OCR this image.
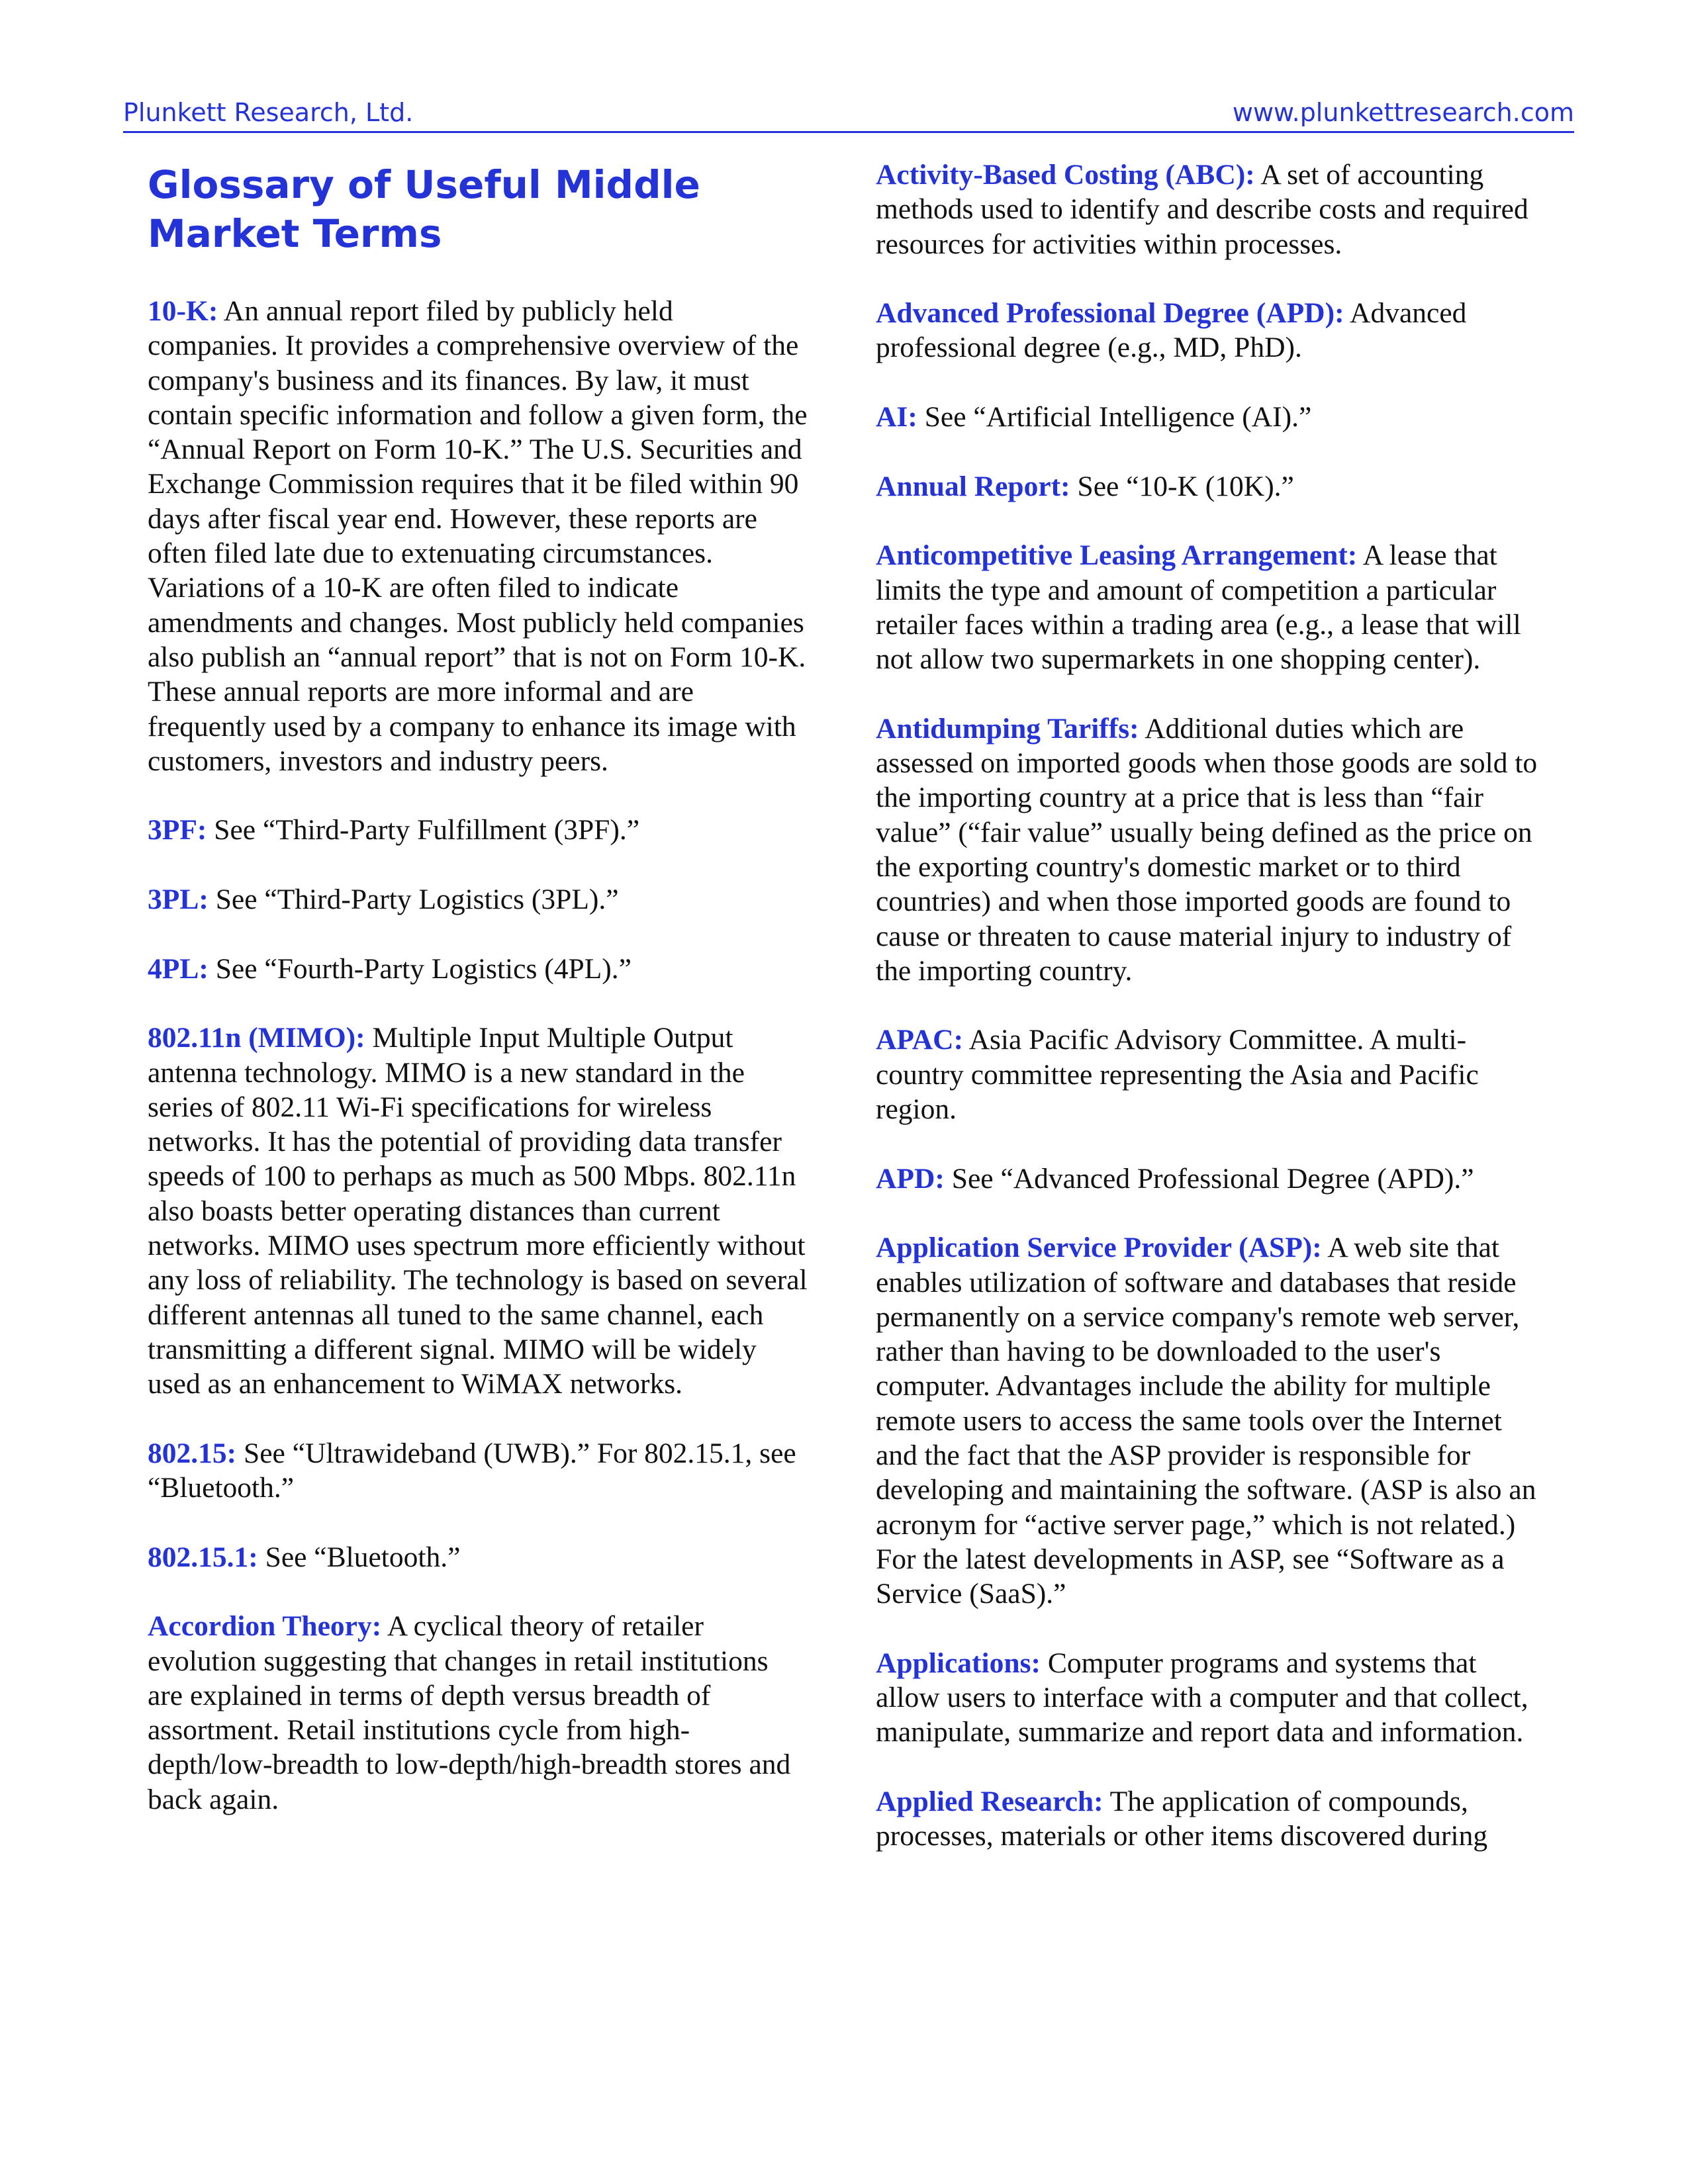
Plunkett Research, Ltd.	www.plunkettresearch.com
Glossary of Useful Middle Market Terms

10-K: An annual report filed by publicly held companies. It provides a comprehensive overview of the company's business and its finances. By law, it must contain specific information and follow a given form, the “Annual Report on Form 10-K.” The U.S. Securities and Exchange Commission requires that it be filed within 90 days after fiscal year end. However, these reports are often filed late due to extenuating circumstances. Variations of a 10-K are often filed to indicate amendments and changes. Most publicly held companies also publish an “annual report” that is not on Form 10-K. These annual reports are more informal and are frequently used by a company to enhance its image with customers, investors and industry peers.

3PF: See “Third-Party Fulfillment (3PF).”

3PL: See “Third-Party Logistics (3PL).”

4PL: See “Fourth-Party Logistics (4PL).”

802.11n (MIMO): Multiple Input Multiple Output antenna technology. MIMO is a new standard in the series of 802.11 Wi-Fi specifications for wireless networks. It has the potential of providing data transfer speeds of 100 to perhaps as much as 500 Mbps. 802.11n also boasts better operating distances than current networks. MIMO uses spectrum more efficiently without any loss of reliability. The technology is based on several different antennas all tuned to the same channel, each transmitting a different signal. MIMO will be widely used as an enhancement to WiMAX networks.

802.15: See “Ultrawideband (UWB).” For 802.15.1, see “Bluetooth.”

802.15.1: See “Bluetooth.”

Accordion Theory: A cyclical theory of retailer evolution suggesting that changes in retail institutions are explained in terms of depth versus breadth of assortment. Retail institutions cycle from high-depth/low-breadth to low-depth/high-breadth stores and back again.

Activity-Based Costing (ABC): A set of accounting methods used to identify and describe costs and required resources for activities within processes.

Advanced Professional Degree (APD): Advanced professional degree (e.g., MD, PhD).

AI: See “Artificial Intelligence (AI).”

Annual Report: See “10-K (10K).”

Anticompetitive Leasing Arrangement: A lease that limits the type and amount of competition a particular retailer faces within a trading area (e.g., a lease that will not allow two supermarkets in one shopping center).

Antidumping Tariffs: Additional duties which are assessed on imported goods when those goods are sold to the importing country at a price that is less than “fair value” (“fair value” usually being defined as the price on the exporting country's domestic market or to third countries) and when those imported goods are found to cause or threaten to cause material injury to industry of the importing country.

APAC: Asia Pacific Advisory Committee. A multi-country committee representing the Asia and Pacific region.

APD: See “Advanced Professional Degree (APD).”

Application Service Provider (ASP): A web site that enables utilization of software and databases that reside permanently on a service company's remote web server, rather than having to be downloaded to the user's computer. Advantages include the ability for multiple remote users to access the same tools over the Internet and the fact that the ASP provider is responsible for developing and maintaining the software. (ASP is also an acronym for “active server page,” which is not related.) For the latest developments in ASP, see “Software as a Service (SaaS).”

Applications: Computer programs and systems that allow users to interface with a computer and that collect, manipulate, summarize and report data and information.

Applied Research: The application of compounds, processes, materials or other items discovered during
